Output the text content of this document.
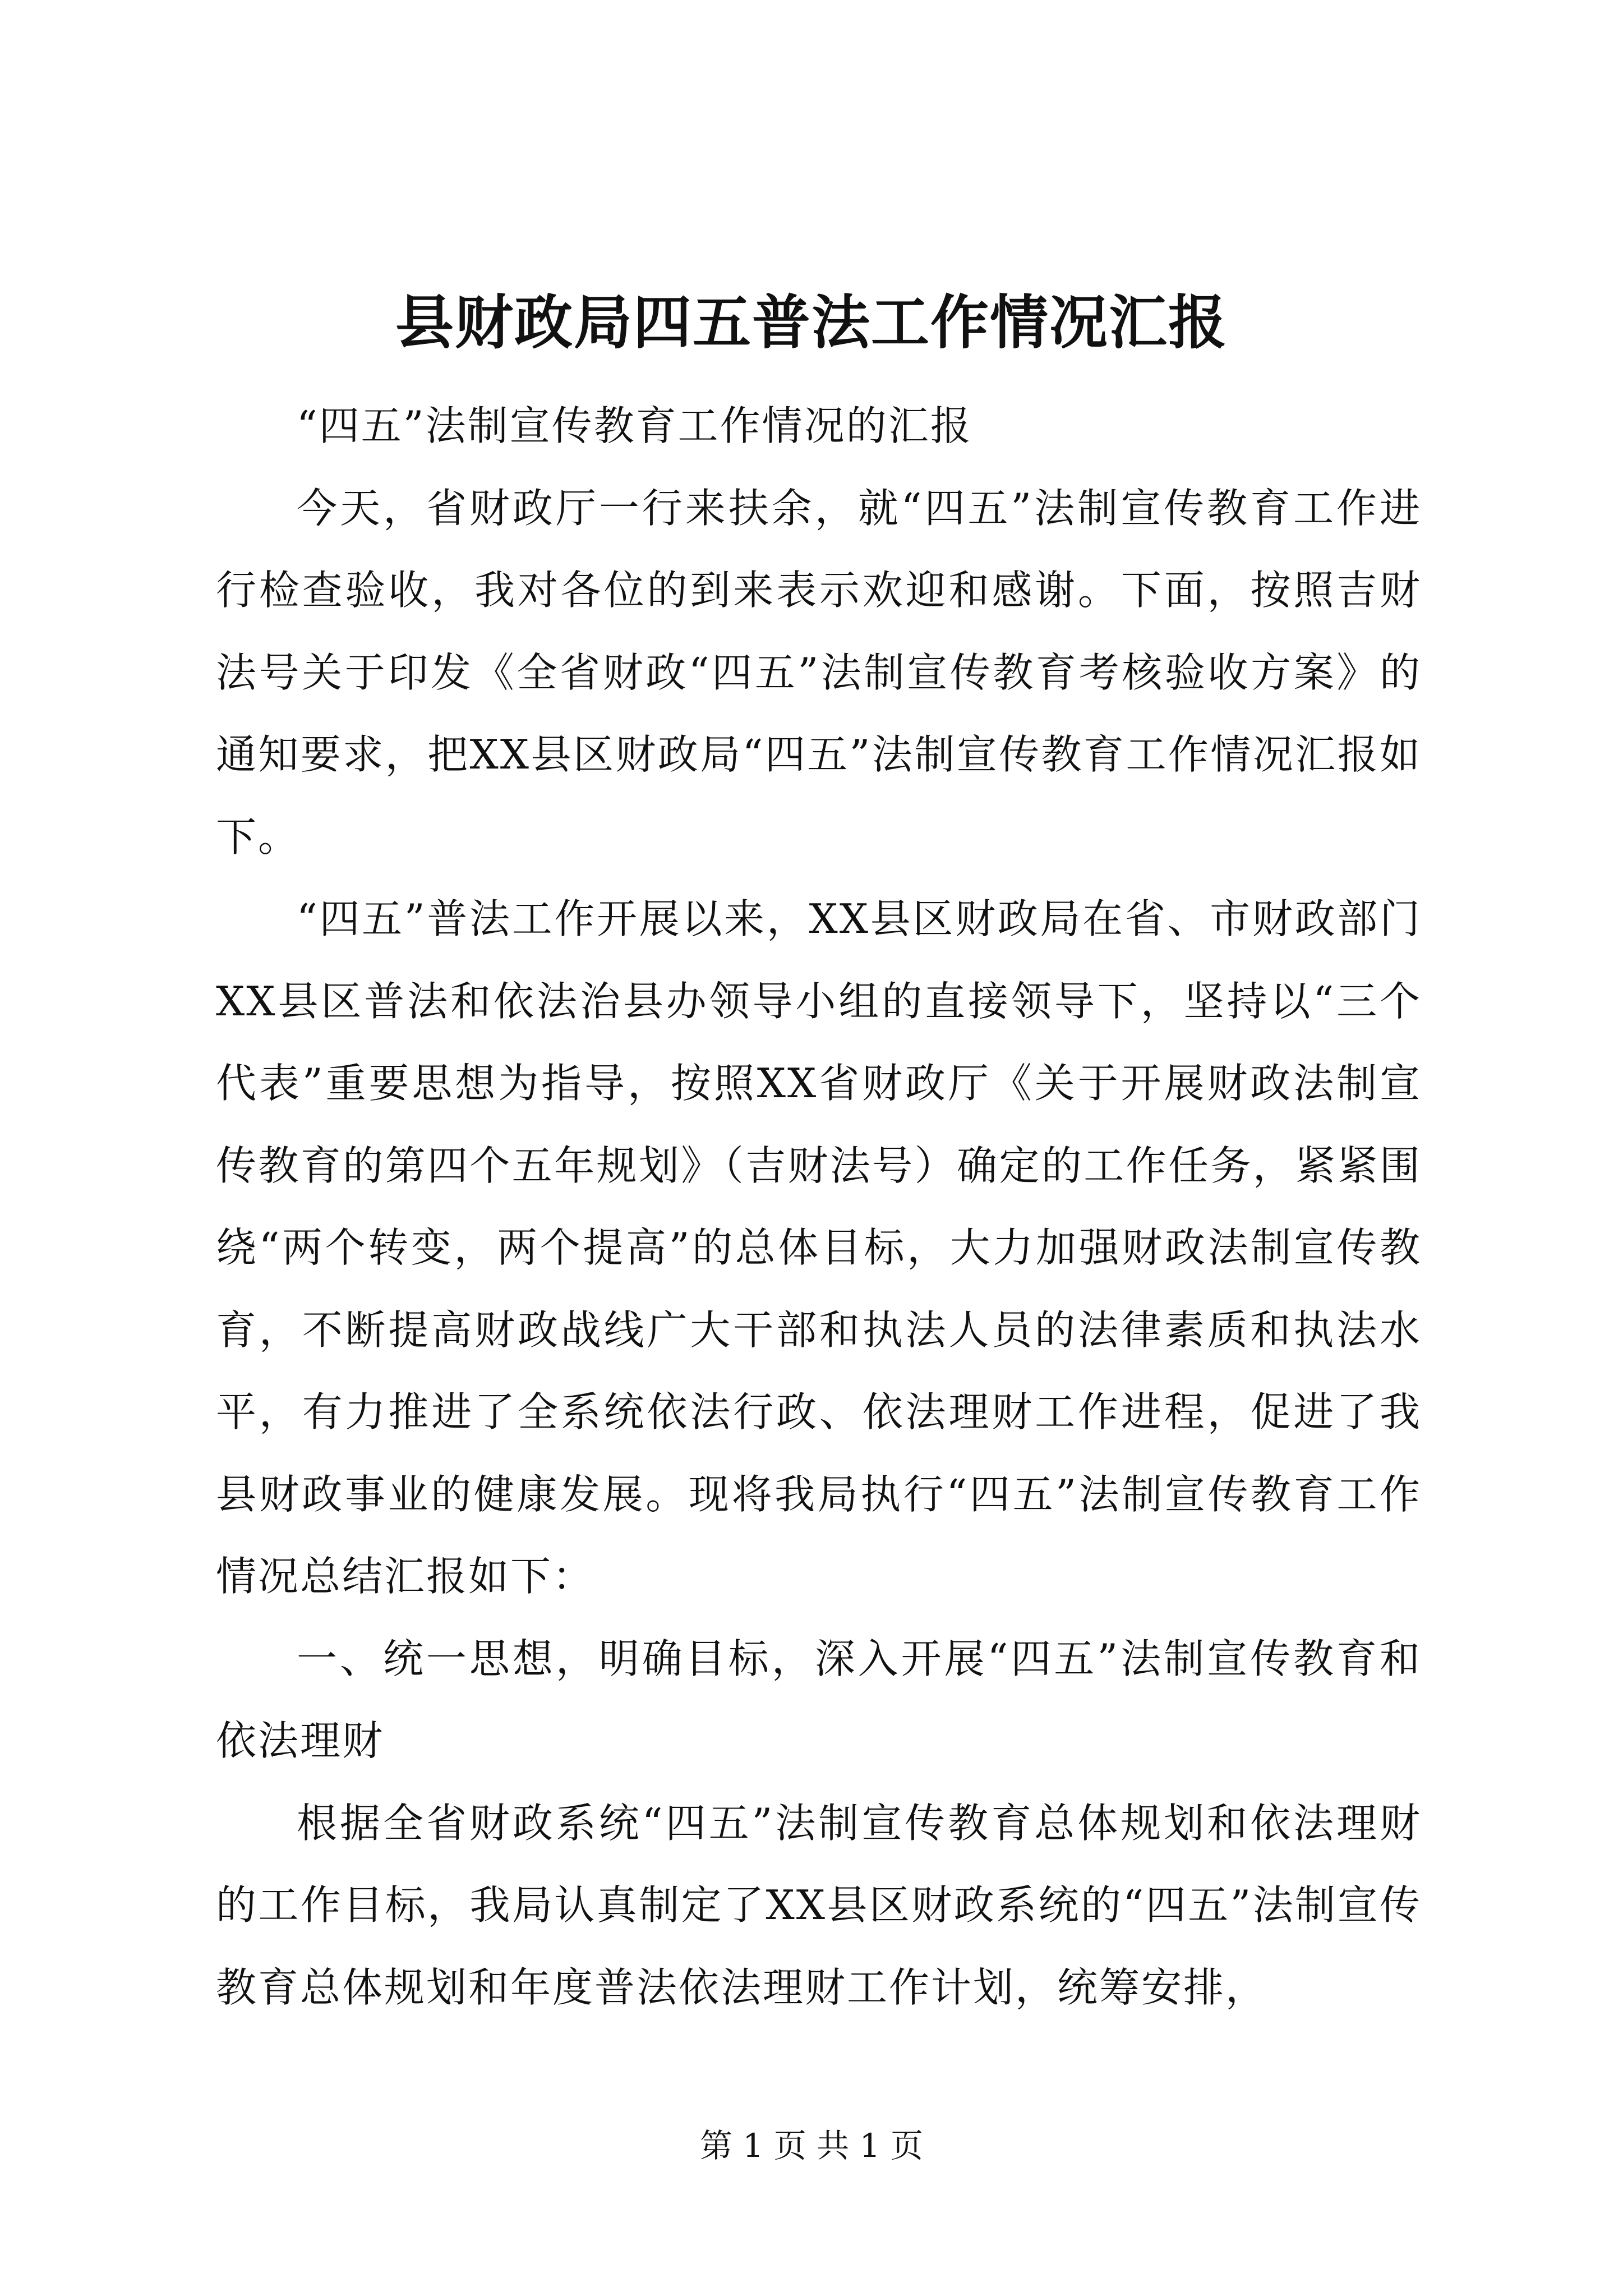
县财政局四五普法工作情况汇报

“四五”法制宣传教育工作情况的汇报

今天，省财政厅一行来扶余，就“四五”法制宣传教育工作进行检查验收，我对各位的到来表示欢迎和感谢。下面，按照吉财法号关于印发《全省财政“四五”法制宣传教育考核验收方案》的通知要求，把XX县区财政局“四五”法制宣传教育工作情况汇报如下。

“四五”普法工作开展以来，XX县区财政局在省、市财政部门XX县区普法和依法治县办领导小组的直接领导下，坚持以“三个代表”重要思想为指导，按照XX省财政厅《关于开展财政法制宣传教育的第四个五年规划》（吉财法号）确定的工作任务，紧紧围绕“两个转变，两个提高”的总体目标，大力加强财政法制宣传教育，不断提高财政战线广大干部和执法人员的法律素质和执法水平，有力推进了全系统依法行政、依法理财工作进程，促进了我县财政事业的健康发展。现将我局执行“四五”法制宣传教育工作情况总结汇报如下：

一、统一思想，明确目标，深入开展“四五”法制宣传教育和依法理财

根据全省财政系统“四五”法制宣传教育总体规划和依法理财的工作目标，我局认真制定了XX县区财政系统的“四五”法制宣传教育总体规划和年度普法依法理财工作计划，统筹安排，

第 1 页 共 1 页
